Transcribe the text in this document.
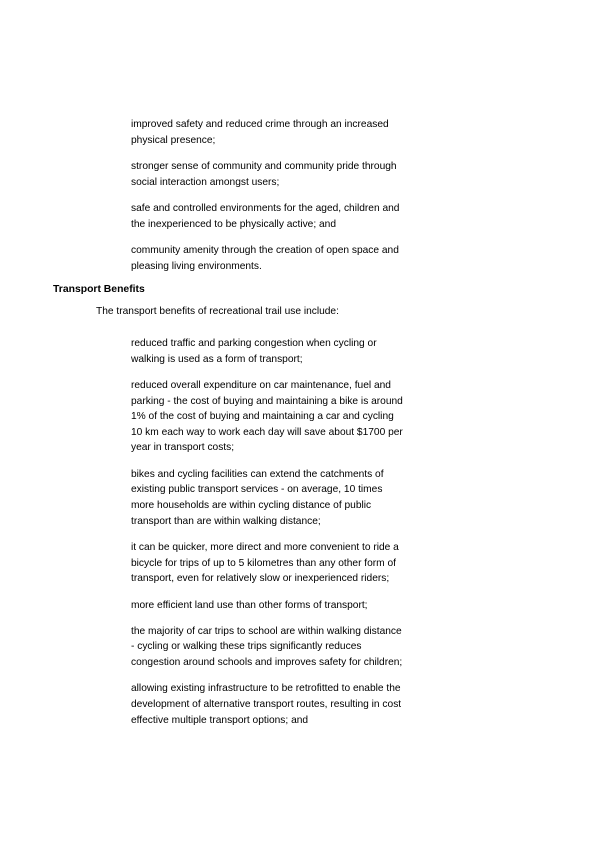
improved safety and reduced crime through an increased physical presence;
stronger sense of community and community pride through social interaction amongst users;
safe and controlled environments for the aged, children and the inexperienced to be physically active; and
community amenity through the creation of open space and pleasing living environments.
Transport Benefits

The transport benefits of recreational trail use include:

reduced traffic and parking congestion when cycling or walking is used as a form of transport;
reduced overall expenditure on car maintenance, fuel and parking - the cost of buying and maintaining a bike is around 1% of the cost of buying and maintaining a car and cycling 10 km each way to work each day will save about $1700 per year in transport costs;
bikes and cycling facilities can extend the catchments of existing public transport services - on average, 10 times more households are within cycling distance of public transport than are within walking distance;
it can be quicker, more direct and more convenient to ride a bicycle for trips of up to 5 kilometres than any other form of transport, even for relatively slow or inexperienced riders;
more efficient land use than other forms of transport;
the majority of car trips to school are within walking distance - cycling or walking these trips significantly reduces congestion around schools and improves safety for children;
allowing existing infrastructure to be retrofitted to enable the development of alternative transport routes, resulting in cost effective multiple transport options; and
